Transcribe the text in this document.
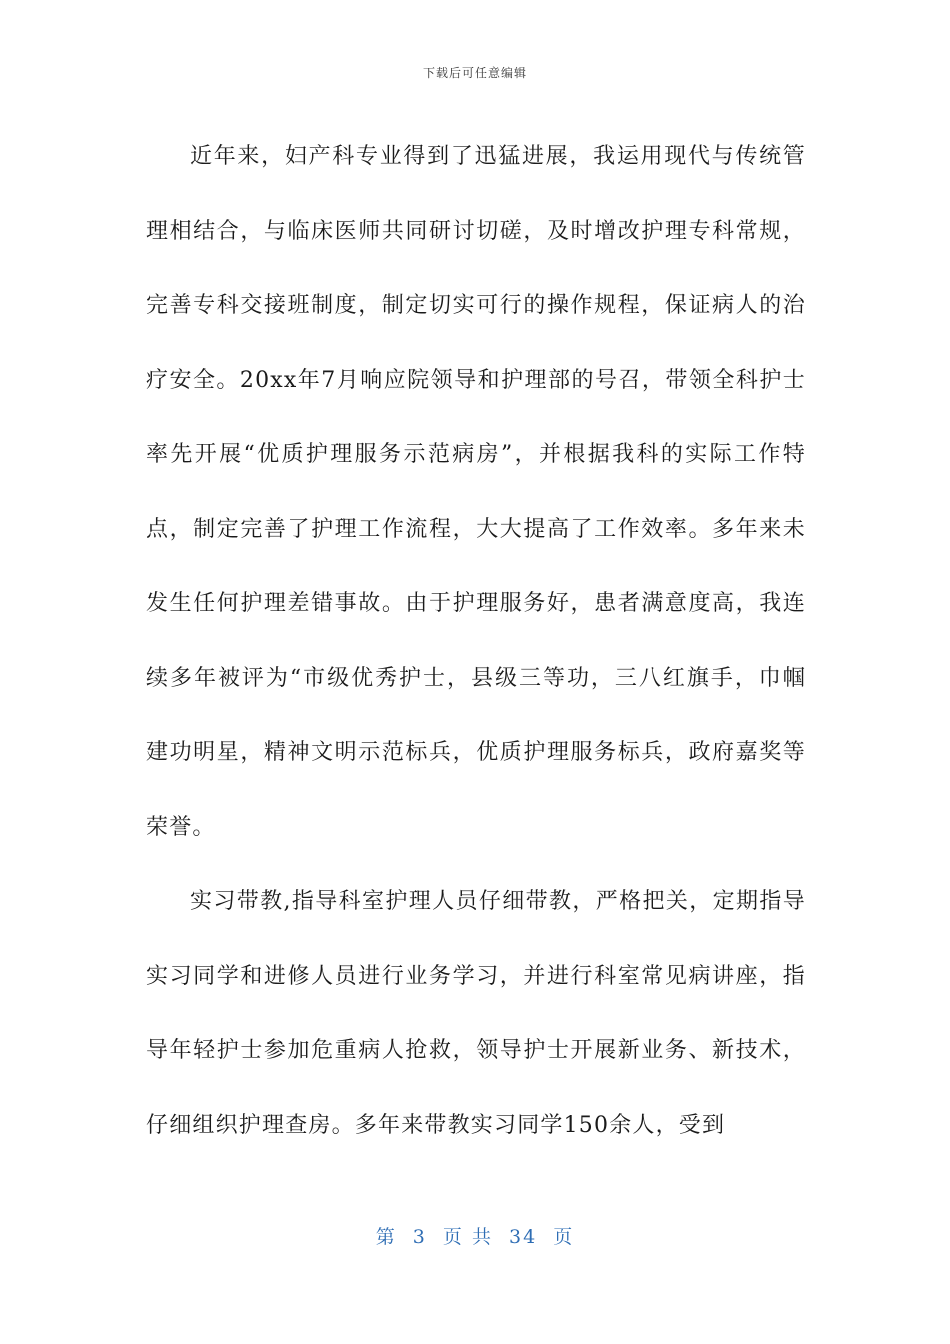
下载后可任意编辑

近年来，妇产科专业得到了迅猛进展，我运用现代与传统管理相结合，与临床医师共同研讨切磋，及时增改护理专科常规，完善专科交接班制度，制定切实可行的操作规程，保证病人的治疗安全。20xx年7月响应院领导和护理部的号召，带领全科护士率先开展“优质护理服务示范病房”，并根据我科的实际工作特点，制定完善了护理工作流程，大大提高了工作效率。多年来未发生任何护理差错事故。由于护理服务好，患者满意度高，我连续多年被评为“市级优秀护士，县级三等功，三八红旗手，巾帼建功明星，精神文明示范标兵，优质护理服务标兵，政府嘉奖等荣誉。

实习带教,指导科室护理人员仔细带教，严格把关，定期指导实习同学和进修人员进行业务学习，并进行科室常见病讲座，指导年轻护士参加危重病人抢救，领导护士开展新业务、新技术，仔细组织护理查房。多年来带教实习同学150余人，受到

第 3 页 共 34 页
